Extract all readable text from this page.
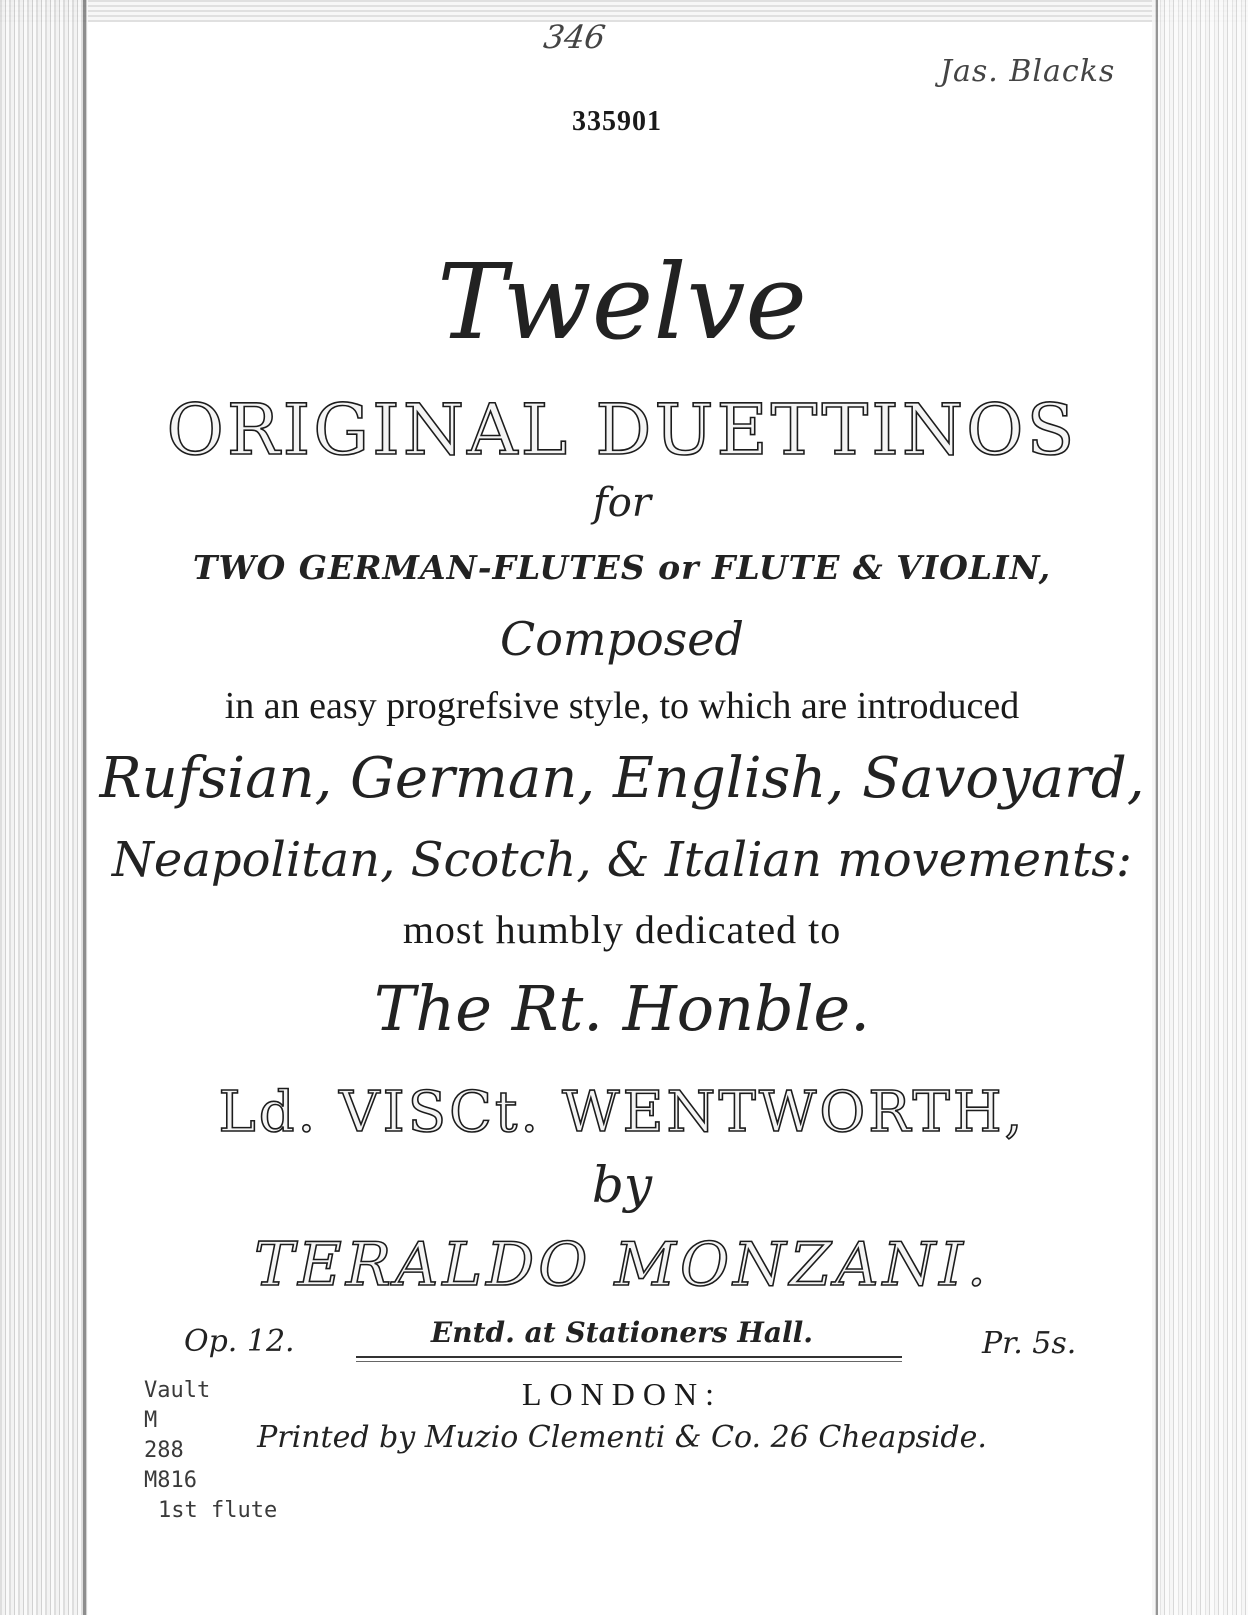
346

Jas. Blacks

335901

Twelve

ORIGINAL DUETTINOS

for

TWO GERMAN-FLUTES or FLUTE & VIOLIN,

Composed

in an easy progrefsive style, to which are introduced

Rufsian, German, English, Savoyard,

Neapolitan, Scotch, & Italian movements:

most humbly dedicated to

The Rt. Honble.

Ld. VISCt. WENTWORTH,

by

TERALDO MONZANI.

Op. 12.	Entd. at Stationers Hall.	Pr. 5s.

LONDON:

Printed by Muzio Clementi & Co. 26 Cheapside.

Vault
M
288
M816
1st flute
